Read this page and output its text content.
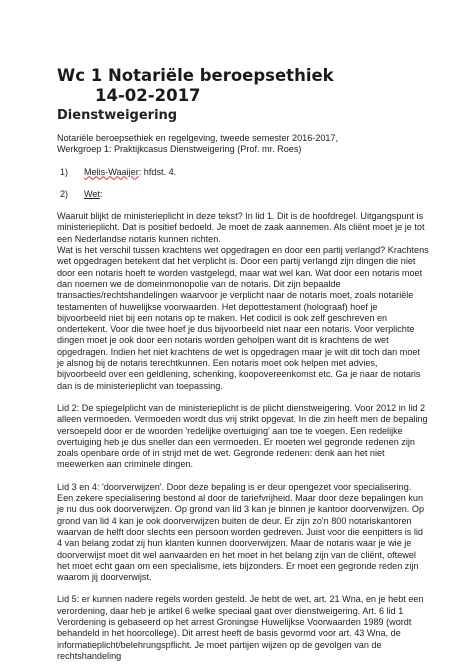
Wc 1 Notariële beroepsethiek
14-02-2017
Dienstweigering

Notariële beroepsethiek en regelgeving, tweede semester 2016-2017,

Werkgroep 1: Praktijkcasus Dienstweigering (Prof. mr. Roes)

1)	Melis-Waaijer: hfdst. 4.
2)	Wet:

Waaruit blijkt de ministerieplicht in deze tekst? In lid 1. Dit is de hoofdregel. Uitgangspunt is ministerieplicht. Dat is positief bedoeld. Je moet de zaak aannemen. Als cliënt moet je je tot een Nederlandse notaris kunnen richten.

Wat is het verschil tussen krachtens wet opgedragen en door een partij verlangd? Krachtens wet opgedragen betekent dat het verplicht is. Door een partij verlangd zijn dingen die niet door een notaris hoeft te worden vastgelegd, maar wat wel kan. Wat door een notaris moet dan noemen we de domeinmonopolie van de notaris. Dit zijn bepaalde transacties/rechtshandelingen waarvoor je verplicht naar de notaris moet, zoals notariële testamenten of huwelijkse voorwaarden. Het depottestament (holograaf) hoef je bijvoorbeeld niet bij een notaris op te maken. Het codicil is ook zelf geschreven en ondertekent. Voor die twee hoef je dus bijvoorbeeld niet naar een notaris. Voor verplichte dingen moet je ook door een notaris worden geholpen want dit is krachtens de wet opgedragen. Indien het niet krachtens de wet is opgedragen maar je wilt dit toch dan moet je alsnog bij de notaris terechtkunnen. Een notaris moet ook helpen met advies, bijvoorbeeld over een geldlening, schenking, koopovereenkomst etc. Ga je naar de notaris dan is de ministerieplicht van toepassing.

Lid 2: De spiegelplicht van de ministerieplicht is de plicht dienstweigering. Voor 2012 in lid 2 alleen vermoeden. Vermoeden wordt dus vrij strikt opgevat. In die zin heeft men de bepaling versoepeld door er de woorden 'redelijke overtuiging' aan toe te voegen. Een redelijke overtuiging heb je dus sneller dan een vermoeden. Er moeten wel gegronde redenen zijn zoals openbare orde of in strijd met de wet. Gegronde redenen: denk aan het niet meewerken aan criminele dingen.

Lid 3 en 4: 'doorverwijzen'. Door deze bepaling is er deur opengezet voor specialisering. Een zekere specialisering bestond al door de tariefvrijheid. Maar door deze bepalingen kun je nu dus ook doorverwijzen. Op grond van lid 3 kan je binnen je kantoor doorverwijzen. Op grond van lid 4 kan je ook doorverwijzen buiten de deur. Er zijn zo'n 800 notariskantoren waarvan de helft door slechts een persoon worden gedreven. Juist voor die eenpitters is lid 4 van belang zodat zij hun klanten kunnen doorverwijzen. Maar de notaris waar je wie je doorverwijst moet dit wel aanvaarden en het moet in het belang zijn van de cliënt, oftewel het moet echt gaan om een specialisme, iets bijzonders. Er moet een gegronde reden zijn waarom jij doorverwijst.

Lid 5: er kunnen nadere regels worden gesteld. Je hebt de wet, art. 21 Wna, en je hebt een verordening, daar heb je artikel 6 welke speciaal gaat over dienstweigering. Art. 6 lid 1 Verordening is gebaseerd op het arrest Groningse Huwelijkse Voorwaarden 1989 (wordt behandeld in het hoorcollege). Dit arrest heeft de basis gevormd voor art. 43 Wna, de informatieplicht/belehrungspflicht. Je moet partijen wijzen op de gevolgen van de rechtshandeling
